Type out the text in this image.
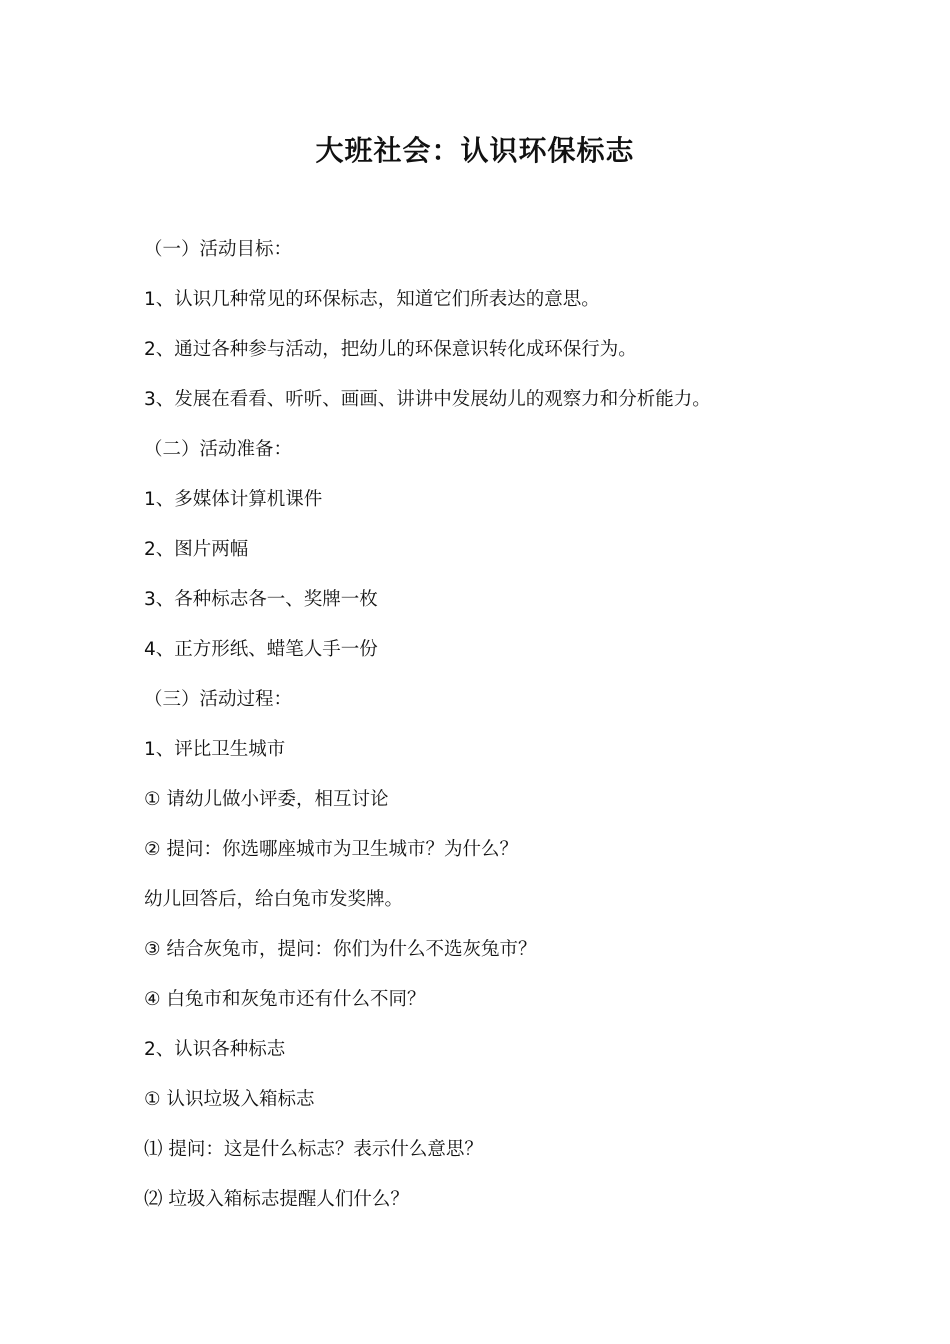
大班社会：认识环保标志
（一）活动目标：
1、认识几种常见的环保标志，知道它们所表达的意思。
2、通过各种参与活动，把幼儿的环保意识转化成环保行为。
3、发展在看看、听听、画画、讲讲中发展幼儿的观察力和分析能力。
（二）活动准备：
1、多媒体计算机课件
2、图片两幅
3、各种标志各一、奖牌一枚
4、正方形纸、蜡笔人手一份
（三）活动过程：
1、评比卫生城市
① 请幼儿做小评委，相互讨论
② 提问：你选哪座城市为卫生城市？为什么？
幼儿回答后，给白兔市发奖牌。
③ 结合灰兔市，提问：你们为什么不选灰兔市？
④ 白兔市和灰兔市还有什么不同？
2、认识各种标志
① 认识垃圾入箱标志
⑴ 提问：这是什么标志？表示什么意思？
⑵ 垃圾入箱标志提醒人们什么？
